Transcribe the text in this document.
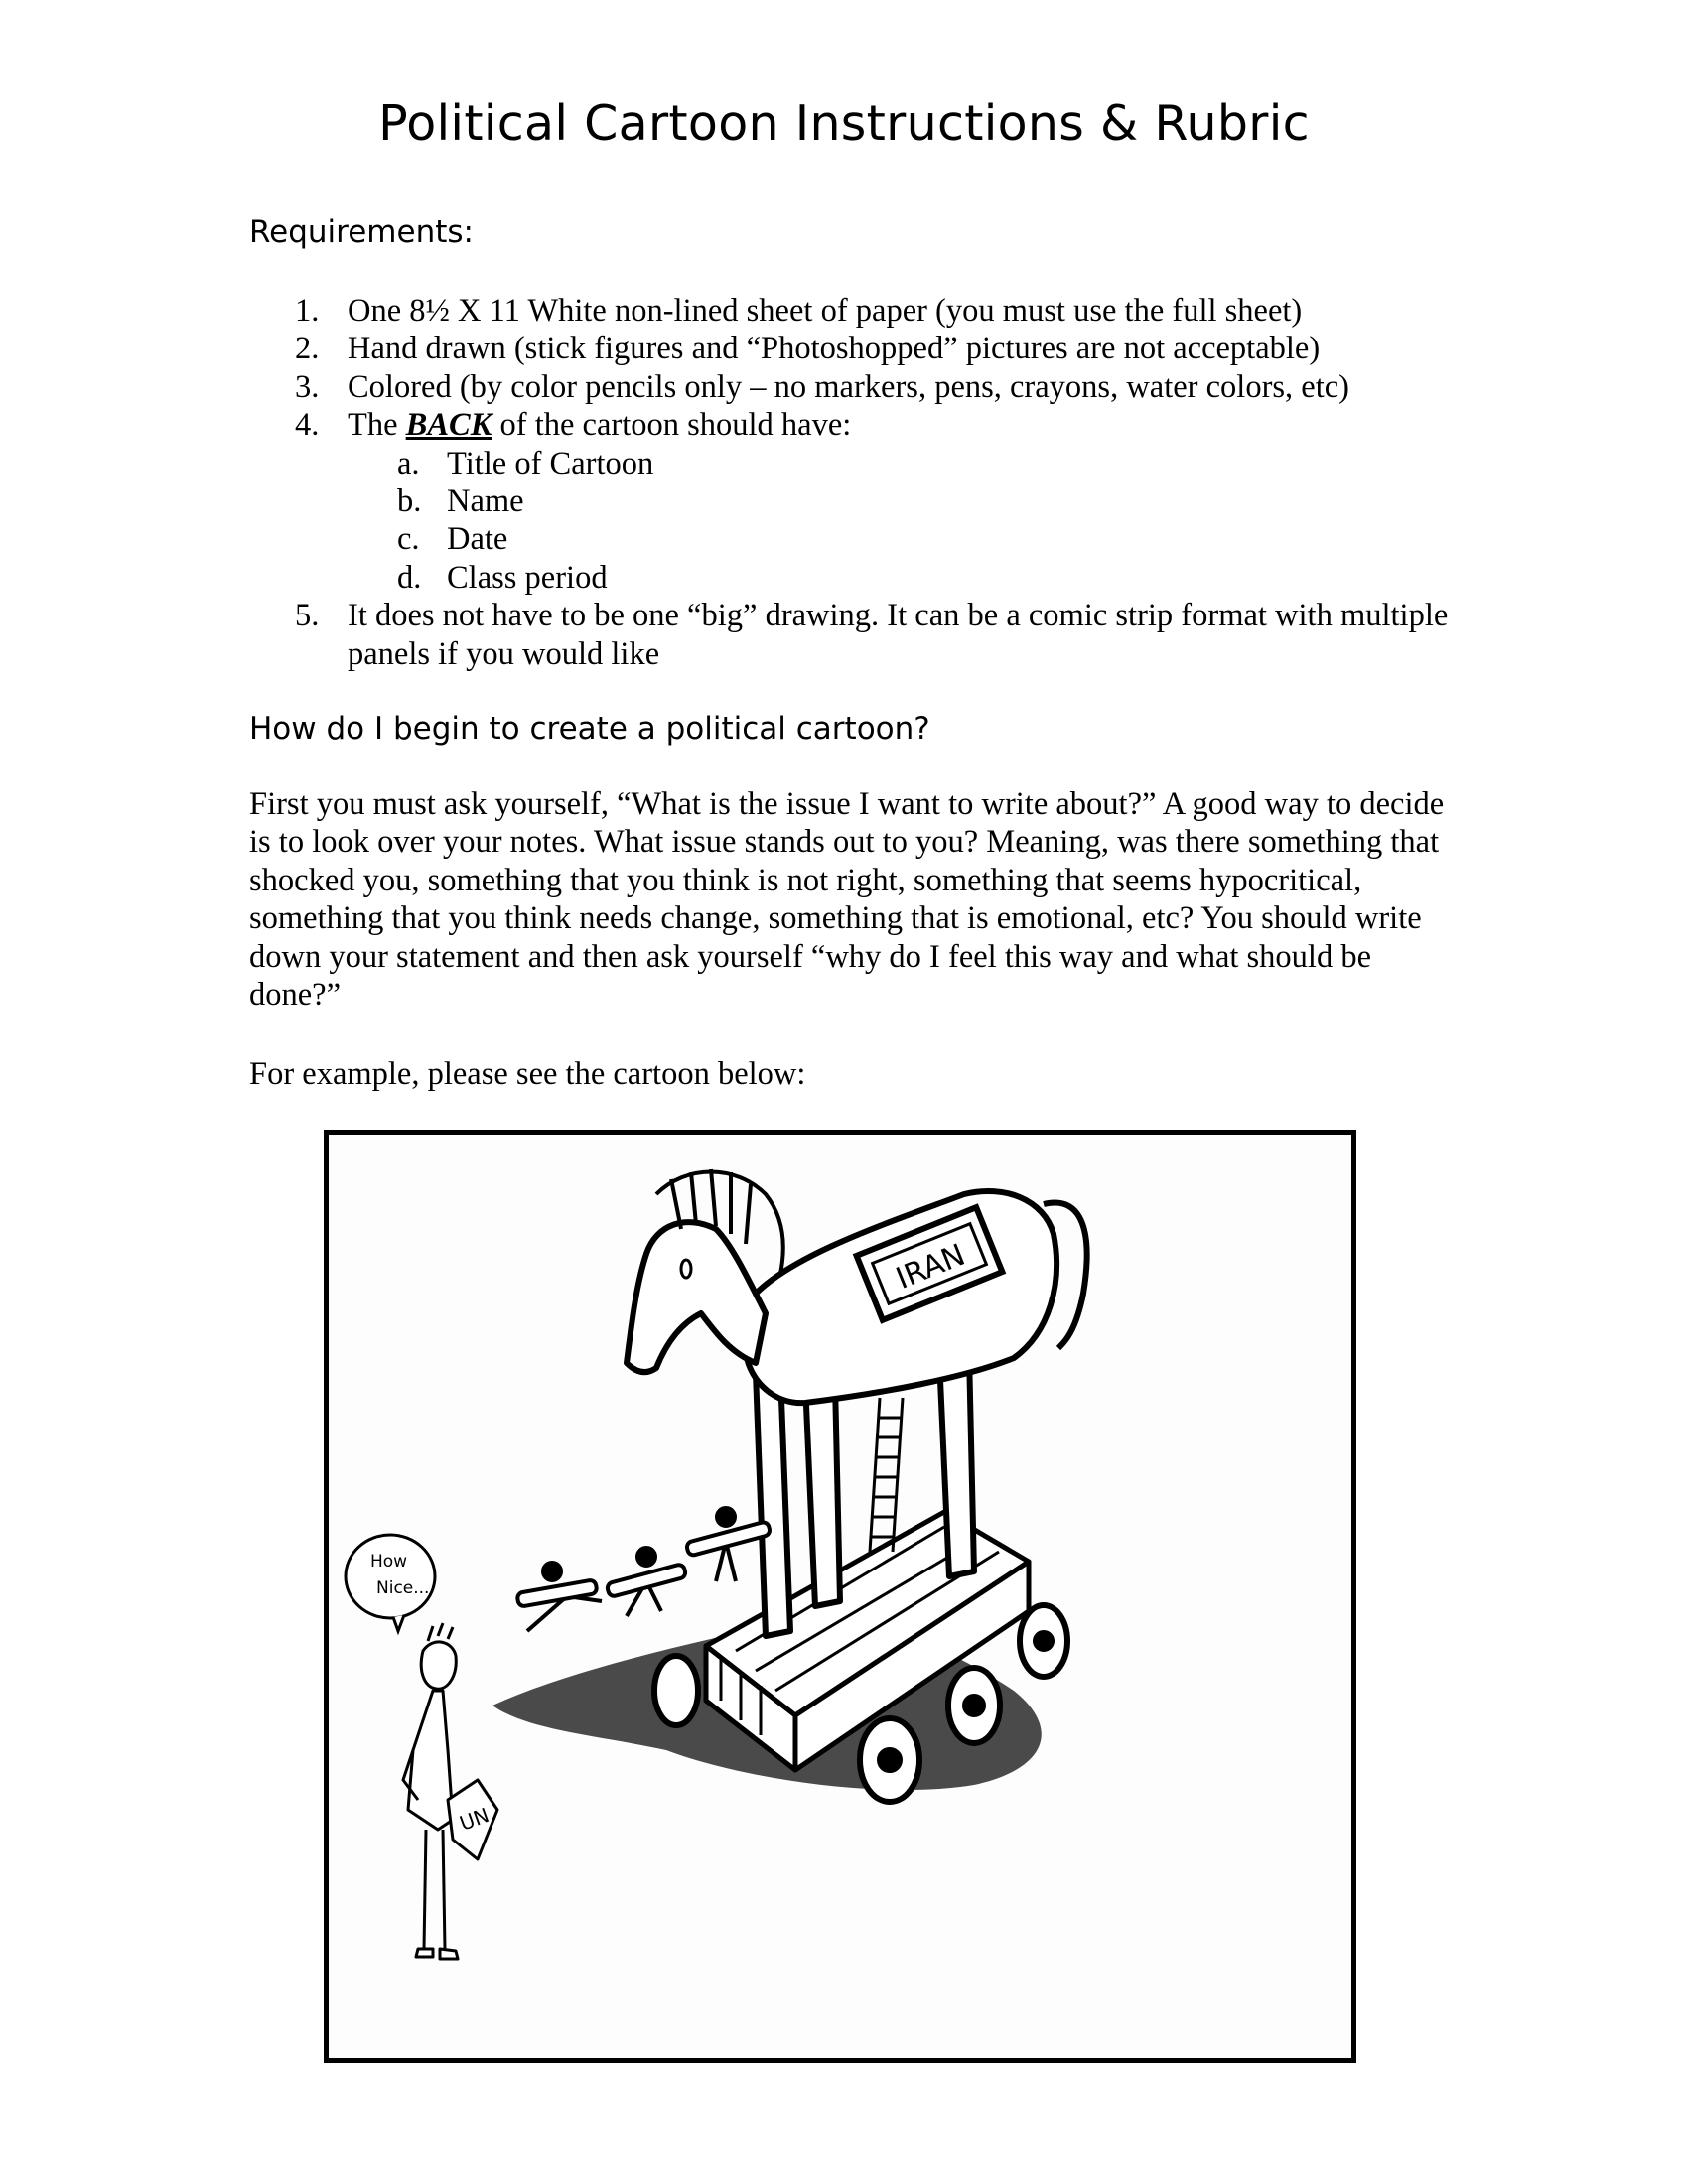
Political Cartoon Instructions & Rubric
Requirements:
1. One 8½ X 11 White non-lined sheet of paper (you must use the full sheet)
2. Hand drawn (stick figures and “Photoshopped” pictures are not acceptable)
3. Colored (by color pencils only – no markers, pens, crayons, water colors, etc)
4. The BACK of the cartoon should have:
a. Title of Cartoon
b. Name
c. Date
d. Class period
5. It does not have to be one “big” drawing. It can be a comic strip format with multiple panels if you would like
How do I begin to create a political cartoon?

First you must ask yourself, “What is the issue I want to write about?” A good way to decide is to look over your notes. What issue stands out to you? Meaning, was there something that shocked you, something that you think is not right, something that seems hypocritical, something that you think needs change, something that is emotional, etc? You should write down your statement and then ask yourself “why do I feel this way and what should be done?”

For example, please see the cartoon below:

IRAN
How
Nice...
UN
